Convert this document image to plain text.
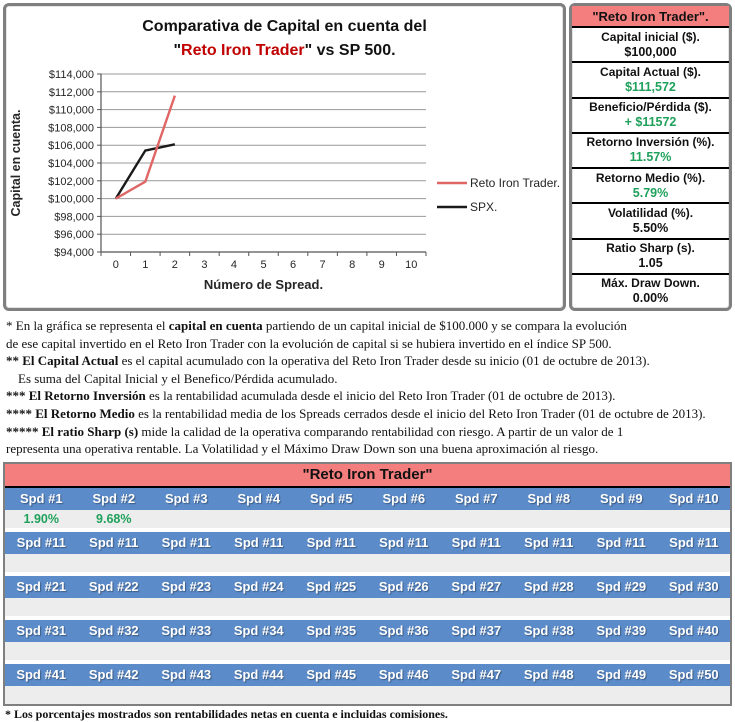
Comparativa de Capital en cuenta del
"Reto Iron Trader" vs SP 500.
$94,000
$96,000
$98,000
$100,000
$102,000
$104,000
$106,000
$108,000
$110,000
$112,000
$114,000
0 1 2 3 4 5 6 7 8 9 10
Número de Spread.
Capital en cuenta.	Reto Iron Trader.
SPX.
"Reto Iron Trader".
Capital inicial ($).
$100,000
Capital Actual ($).
$111,572
Beneficio/Pérdida ($).
+ $11572
Retorno Inversión (%).
11.57%
Retorno Medio (%).
5.79%
Volatilidad (%).
5.50%
Ratio Sharp (s).
1.05
Máx. Draw Down.
0.00%
* En la gráfica se representa el capital en cuenta partiendo de un capital inicial de $100.000 y se compara la evolución
de ese capital invertido en el Reto Iron Trader con la evolución de capital si se hubiera invertido en el índice SP 500.
** El Capital Actual es el capital acumulado con la operativa del Reto Iron Trader desde su inicio (01 de octubre de 2013).
Es suma del Capital Inicial y el Benefico/Pérdida acumulado.
*** El Retorno Inversión es la rentabilidad acumulada desde el inicio del Reto Iron Trader (01 de octubre de 2013).
**** El Retorno Medio es la rentabilidad media de los Spreads cerrados desde el inicio del Reto Iron Trader (01 de octubre de 2013).
***** El ratio Sharp (s) mide la calidad de la operativa comparando rentabilidad con riesgo. A partir de un valor de 1
representa una operativa rentable. La Volatilidad y el Máximo Draw Down son una buena aproximación al riesgo.
"Reto Iron Trader"
Spd #1	Spd #2	Spd #3	Spd #4	Spd #5	Spd #6	Spd #7	Spd #8	Spd #9	Spd #10
1.90%	9.68%
Spd #11	Spd #11	Spd #11	Spd #11	Spd #11	Spd #11	Spd #11	Spd #11	Spd #11	Spd #11
Spd #21	Spd #22	Spd #23	Spd #24	Spd #25	Spd #26	Spd #27	Spd #28	Spd #29	Spd #30
Spd #31	Spd #32	Spd #33	Spd #34	Spd #35	Spd #36	Spd #37	Spd #38	Spd #39	Spd #40
Spd #41	Spd #42	Spd #43	Spd #44	Spd #45	Spd #46	Spd #47	Spd #48	Spd #49	Spd #50
* Los porcentajes mostrados son rentabilidades netas en cuenta e incluidas comisiones.
